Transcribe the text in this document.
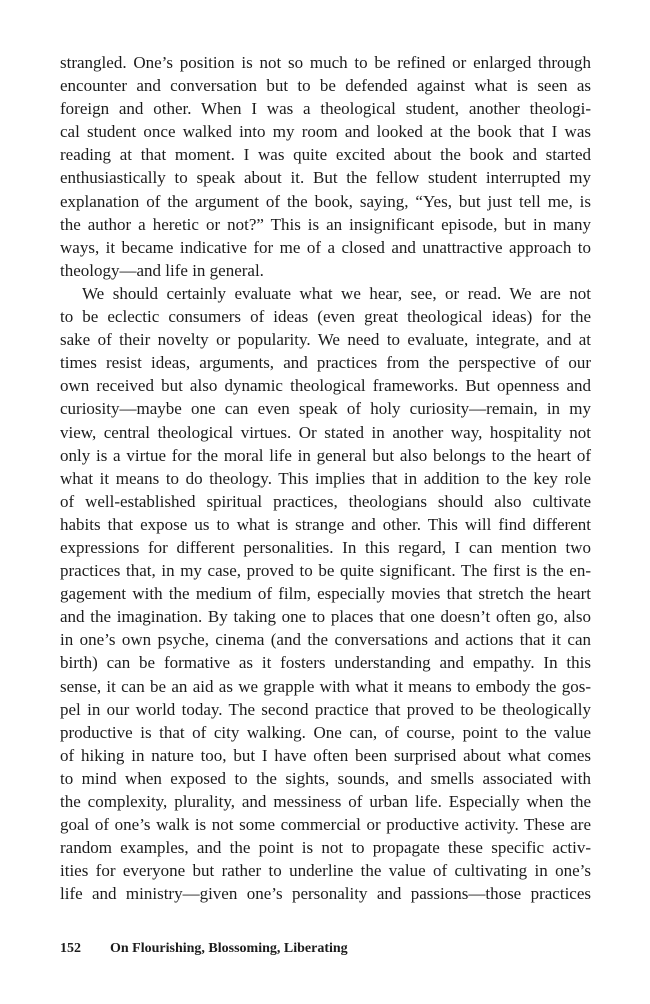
strangled. One’s position is not so much to be refined or enlarged through
encounter and conversation but to be defended against what is seen as
foreign and other. When I was a theological student, another theologi-
cal student once walked into my room and looked at the book that I was
reading at that moment. I was quite excited about the book and started
enthusiastically to speak about it. But the fellow student interrupted my
explanation of the argument of the book, saying, “Yes, but just tell me, is
the author a heretic or not?” This is an insignificant episode, but in many
ways, it became indicative for me of a closed and unattractive approach to
theology—and life in general.
We should certainly evaluate what we hear, see, or read. We are not
to be eclectic consumers of ideas (even great theological ideas) for the
sake of their novelty or popularity. We need to evaluate, integrate, and at
times resist ideas, arguments, and practices from the perspective of our
own received but also dynamic theological frameworks. But openness and
curiosity—maybe one can even speak of holy curiosity—remain, in my
view, central theological virtues. Or stated in another way, hospitality not
only is a virtue for the moral life in general but also belongs to the heart of
what it means to do theology. This implies that in addition to the key role
of well-established spiritual practices, theologians should also cultivate
habits that expose us to what is strange and other. This will find different
expressions for different personalities. In this regard, I can mention two
practices that, in my case, proved to be quite significant. The first is the en-
gagement with the medium of film, especially movies that stretch the heart
and the imagination. By taking one to places that one doesn’t often go, also
in one’s own psyche, cinema (and the conversations and actions that it can
birth) can be formative as it fosters understanding and empathy. In this
sense, it can be an aid as we grapple with what it means to embody the gos-
pel in our world today. The second practice that proved to be theologically
productive is that of city walking. One can, of course, point to the value
of hiking in nature too, but I have often been surprised about what comes
to mind when exposed to the sights, sounds, and smells associated with
the complexity, plurality, and messiness of urban life. Especially when the
goal of one’s walk is not some commercial or productive activity. These are
random examples, and the point is not to propagate these specific activ-
ities for everyone but rather to underline the value of cultivating in one’s
life and ministry—given one’s personality and passions—those practices
152 On Flourishing, Blossoming, Liberating
